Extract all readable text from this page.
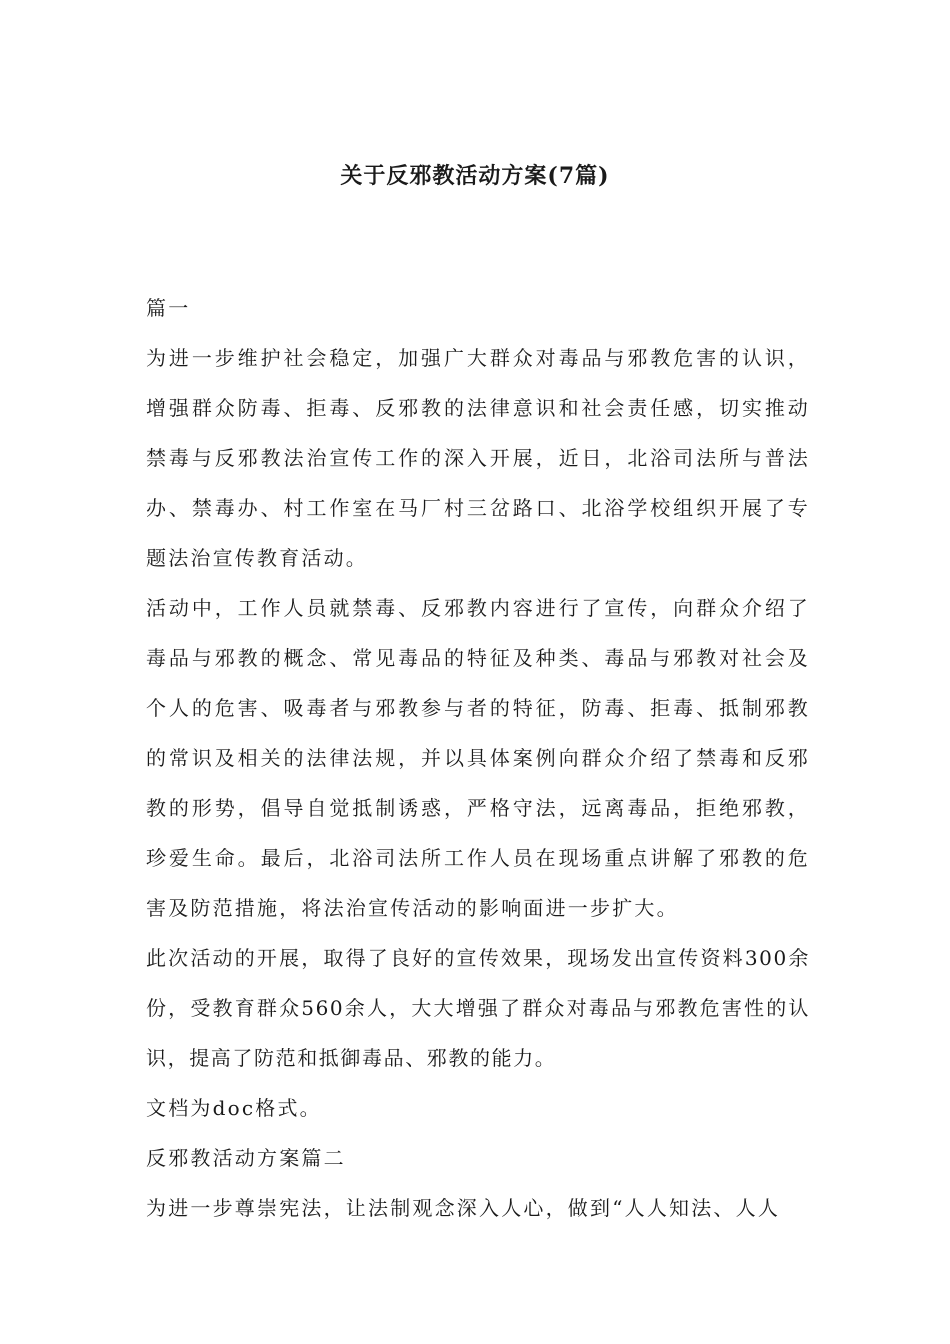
关于反邪教活动方案(7篇)

篇一

为进一步维护社会稳定，加强广大群众对毒品与邪教危害的认识，增强群众防毒、拒毒、反邪教的法律意识和社会责任感，切实推动禁毒与反邪教法治宣传工作的深入开展，近日，北浴司法所与普法办、禁毒办、村工作室在马厂村三岔路口、北浴学校组织开展了专题法治宣传教育活动。

活动中，工作人员就禁毒、反邪教内容进行了宣传，向群众介绍了毒品与邪教的概念、常见毒品的特征及种类、毒品与邪教对社会及个人的危害、吸毒者与邪教参与者的特征，防毒、拒毒、抵制邪教的常识及相关的法律法规，并以具体案例向群众介绍了禁毒和反邪教的形势，倡导自觉抵制诱惑，严格守法，远离毒品，拒绝邪教，珍爱生命。最后，北浴司法所工作人员在现场重点讲解了邪教的危害及防范措施，将法治宣传活动的影响面进一步扩大。

此次活动的开展，取得了良好的宣传效果，现场发出宣传资料300余份，受教育群众560余人，大大增强了群众对毒品与邪教危害性的认识，提高了防范和抵御毒品、邪教的能力。

文档为doc格式。

反邪教活动方案篇二

为进一步尊崇宪法，让法制观念深入人心，做到“人人知法、人人
